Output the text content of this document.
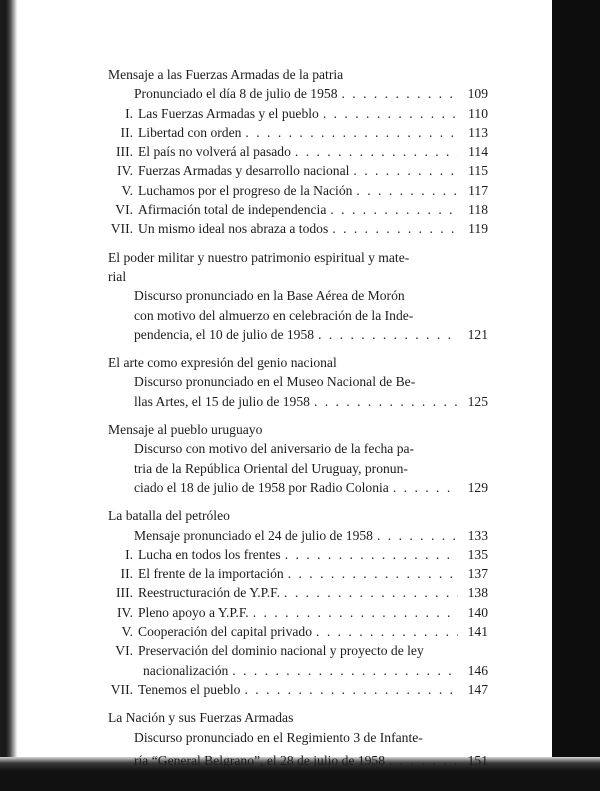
Mensaje a las Fuerzas Armadas de la patria
Pronunciado el día 8 de julio de 1958 . . .	109
I. Las Fuerzas Armadas y el pueblo . . .	110
II. Libertad con orden . . .	113
III. El país no volverá al pasado . . .	114
IV. Fuerzas Armadas y desarrollo nacional . . .	115
V. Luchamos por el progreso de la Nación . . .	117
VI. Afirmación total de independencia . . .	118
VII. Un mismo ideal nos abraza a todos . . .	119
El poder militar y nuestro patrimonio espiritual y mate-
rial
Discurso pronunciado en la Base Aérea de Morón
con motivo del almuerzo en celebración de la Inde-
pendencia, el 10 de julio de 1958 . . .	121
El arte como expresión del genio nacional
Discurso pronunciado en el Museo Nacional de Be-
llas Artes, el 15 de julio de 1958 . . .	125
Mensaje al pueblo uruguayo
Discurso con motivo del aniversario de la fecha pa-
tria de la República Oriental del Uruguay, pronun-
ciado el 18 de julio de 1958 por Radio Colonia . . .	129
La batalla del petróleo
Mensaje pronunciado el 24 de julio de 1958 . . .	133
I. Lucha en todos los frentes . . .	135
II. El frente de la importación . . .	137
III. Reestructuración de Y.P.F. . . .	138
IV. Pleno apoyo a Y.P.F. . . .	140
V. Cooperación del capital privado . . .	141
VI. Preservación del dominio nacional y proyecto de ley
nacionalización . . .	146
VII. Tenemos el pueblo . . .	147
La Nación y sus Fuerzas Armadas
Discurso pronunciado en el Regimiento 3 de Infante-
ría “General Belgrano”, el 28 de julio de 1958 . . .	151
